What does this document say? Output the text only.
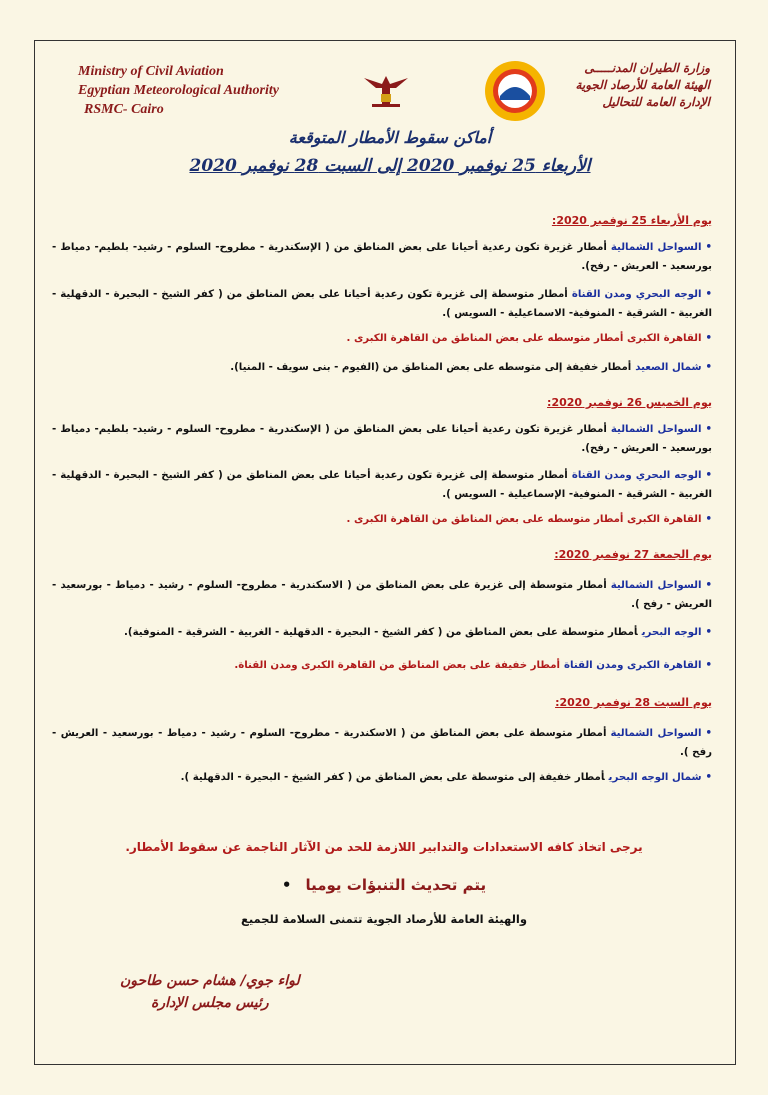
Ministry of Civil Aviation
Egyptian Meteorological Authority
RSMC- Cairo
وزارة الطيران المدنـــــى
الهيئة العامة للأرصاد الجوية
الإدارة العامة للتحاليل
أماكن سقوط الأمطار المتوقعة
الأربعاء 25 نوفمبر 2020 إلى السبت 28 نوفمبر 2020
يوم الأربعاء 25 نوفمبر 2020:
•السواحل الشماليةأمطار غزيرة تكون رعدية أحيانا على بعض المناطق من ( الإسكندرية - مطروح- السلوم - رشيد- بلطيم- دمياط - بورسعيد - العريش - رفح).
•الوجه البحري ومدن القناةأمطار متوسطة إلى غزيرة تكون رعدية أحيانا على بعض المناطق من ( كفر الشيخ - البحيرة - الدقهلية - الغربية - الشرقية - المنوفية- الاسماعيلية - السويس ).
•القاهرة الكبرى أمطار متوسطه على بعض المناطق من القاهرة الكبرى .
•شمال الصعيدأمطار خفيفة إلى متوسطه على بعض المناطق من (الفيوم - بنى سويف - المنيا).
يوم الخميس 26 نوفمبر 2020:
•السواحل الشماليةأمطار غزيرة تكون رعدية أحيانا على بعض المناطق من ( الإسكندرية - مطروح- السلوم - رشيد- بلطيم- دمياط - بورسعيد - العريش - رفح).
•الوجه البحري ومدن القناةأمطار متوسطة إلى غزيرة تكون رعدية أحيانا على بعض المناطق من ( كفر الشيخ - البحيرة - الدقهلية - الغربية - الشرقية - المنوفية- الإسماعيلية - السويس ).
•القاهرة الكبرى أمطار متوسطه على بعض المناطق من القاهرة الكبرى .
يوم الجمعة 27 نوفمبر 2020:
•السواحل الشماليةأمطار متوسطة إلى غزيرة على بعض المناطق من ( الاسكندرية - مطروح- السلوم - رشيد - دمياط - بورسعيد - العريش - رفح ).
•الوجه البحريأمطار متوسطة على بعض المناطق من ( كفر الشيخ - البحيرة - الدقهلية - الغربية - الشرقية - المنوفية).
•القاهرة الكبرى ومدن القناةأمطار خفيفة على بعض المناطق من القاهرة الكبرى ومدن القناة.
يوم السبت 28 نوفمبر 2020:
•السواحل الشماليةأمطار متوسطة على بعض المناطق من ( الاسكندرية - مطروح- السلوم - رشيد - دمياط - بورسعيد - العريش - رفح ).
•شمال الوجه البحريأمطار خفيفة إلى متوسطة على بعض المناطق من ( كفر الشيخ - البحيرة - الدقهلية ).
يرجى اتخاذ كافه الاستعدادات والتدابير اللازمة للحد من الآثار الناجمة عن سقوط الأمطار.
يتم تحديث التنبؤات يوميا•
والهيئة العامة للأرصاد الجوية تتمنى السلامة للجميع
لواء جوي/ هشام حسن طاحون
رئيس مجلس الإدارة
